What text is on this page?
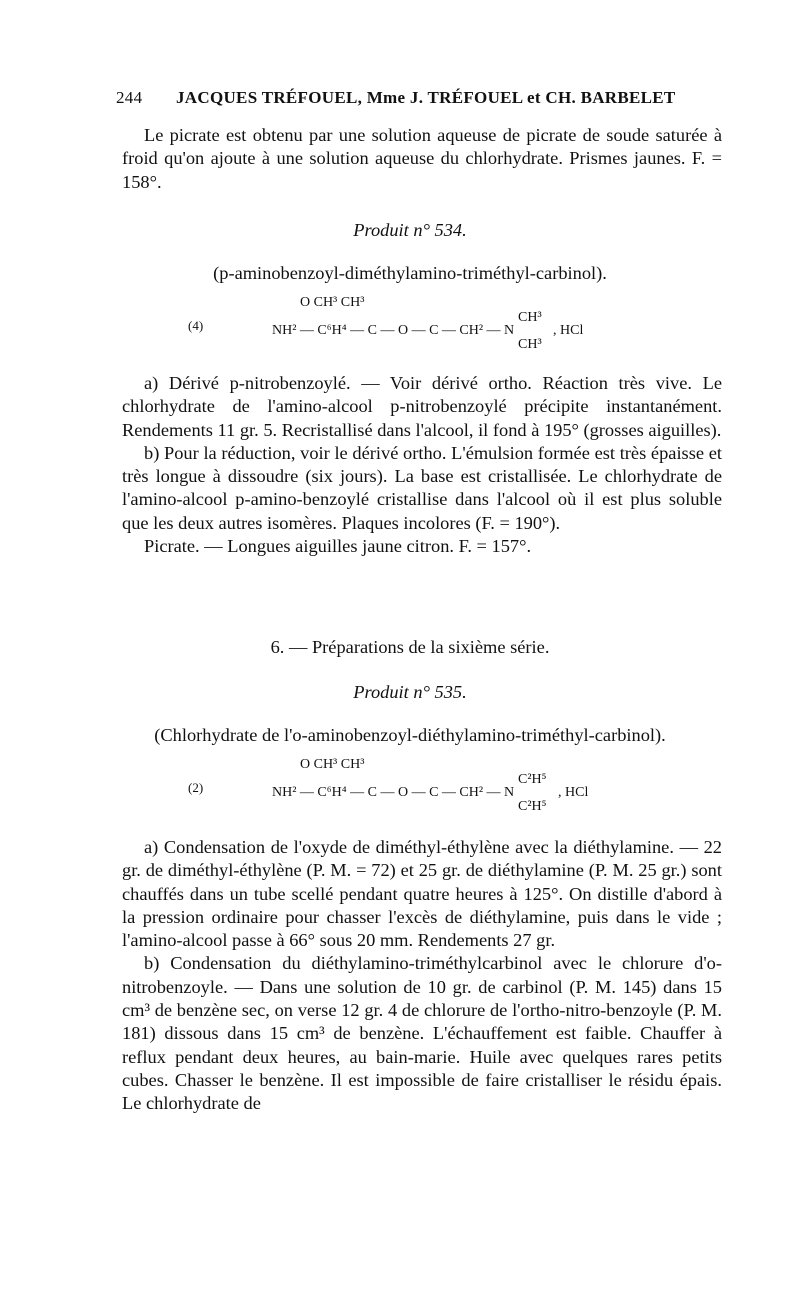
244 JACQUES TRÉFOUEL, Mme J. TRÉFOUEL et CH. BARBELET

Le picrate est obtenu par une solution aqueuse de picrate de soude saturée à froid qu'on ajoute à une solution aqueuse du chlorhydrate. Prismes jaunes. F. = 158°.

Produit n° 534.
(p-aminobenzoyl-diméthylamino-triméthyl-carbinol).
O CH³ CH³
(4)	NH² — C⁶H⁴ — C — O — C — CH² — N
CH³
CH³
, HCl

a) Dérivé p-nitrobenzoylé. — Voir dérivé ortho. Réaction très vive. Le chlorhydrate de l'amino-alcool p-nitrobenzoylé précipite instantanément. Rendements 11 gr. 5. Recristallisé dans l'alcool, il fond à 195° (grosses aiguilles).

b) Pour la réduction, voir le dérivé ortho. L'émulsion formée est très épaisse et très longue à dissoudre (six jours). La base est cristallisée. Le chlorhydrate de l'amino-alcool p-amino-benzoylé cristallise dans l'alcool où il est plus soluble que les deux autres isomères. Plaques incolores (F. = 190°).

Picrate. — Longues aiguilles jaune citron. F. = 157°.

6. — Préparations de la sixième série.
Produit n° 535.
(Chlorhydrate de l'o-aminobenzoyl-diéthylamino-triméthyl-carbinol).
O CH³ CH³
(2)	NH² — C⁶H⁴ — C — O — C — CH² — N
C²H⁵
C²H⁵
, HCl

a) Condensation de l'oxyde de diméthyl-éthylène avec la diéthylamine. — 22 gr. de diméthyl-éthylène (P. M. = 72) et 25 gr. de diéthylamine (P. M. 25 gr.) sont chauffés dans un tube scellé pendant quatre heures à 125°. On distille d'abord à la pression ordinaire pour chasser l'excès de diéthylamine, puis dans le vide ; l'amino-alcool passe à 66° sous 20 mm. Rendements 27 gr.

b) Condensation du diéthylamino-triméthylcarbinol avec le chlorure d'o-nitrobenzoyle. — Dans une solution de 10 gr. de carbinol (P. M. 145) dans 15 cm³ de benzène sec, on verse 12 gr. 4 de chlorure de l'ortho-nitro-benzoyle (P. M. 181) dissous dans 15 cm³ de benzène. L'échauffement est faible. Chauffer à reflux pendant deux heures, au bain-marie. Huile avec quelques rares petits cubes. Chasser le benzène. Il est impossible de faire cristalliser le résidu épais. Le chlorhydrate de
